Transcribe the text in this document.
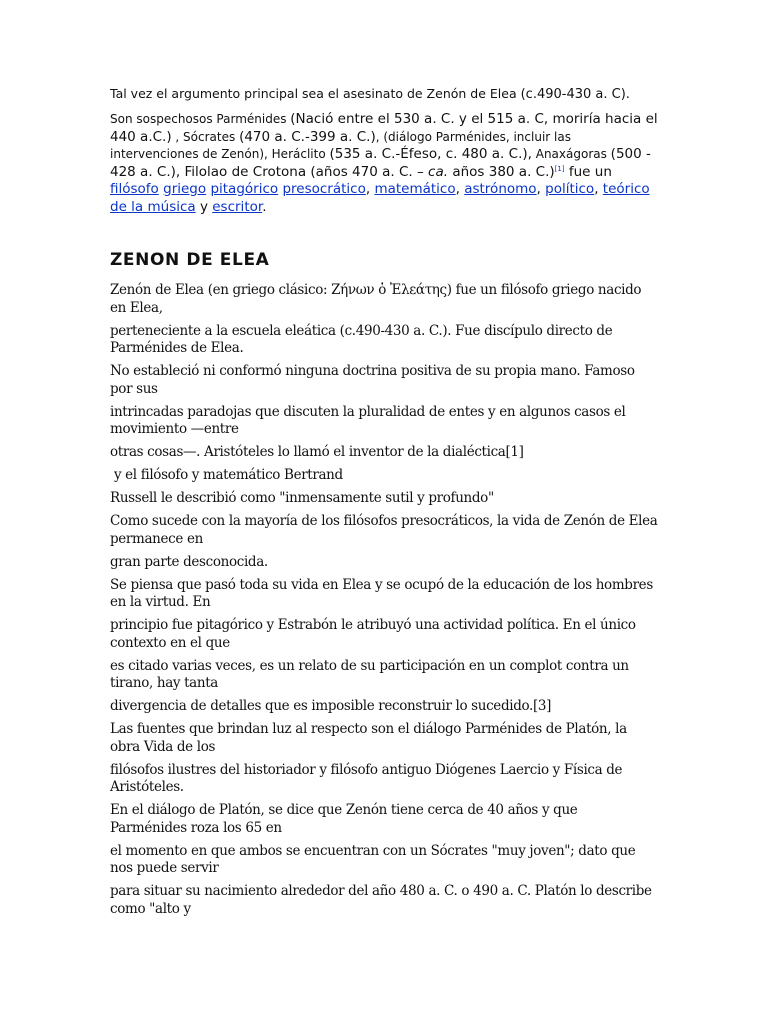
Tal vez el argumento principal sea el asesinato de Zenón de Elea (c.490-430 a. C).

Son sospechosos Parménides (Nació entre el 530 a. C. y el 515 a. C, moriría hacia el 440 a.C.) , Sócrates (470 a. C.-399 a. C.), (diálogo Parménides, incluir las intervenciones de Zenón), Heráclito (535 a. C.-Éfeso, c. 480 a. C.), Anaxágoras (500 - 428 a. C.), Filolao de Crotona (años 470 a. C. – ca. años 380 a. C.)[1] fue un filósofo griego pitagórico presocrático, matemático, astrónomo, político, teórico de la música y escritor.

ZENON DE ELEA

Zenón de Elea (en griego clásico: Ζήνων ὁ Ἐλεάτης) fue un filósofo griego nacido en Elea,

perteneciente a la escuela eleática (c.490-430 a. C.). Fue discípulo directo de Parménides de Elea.

No estableció ni conformó ninguna doctrina positiva de su propia mano. Famoso por sus

intrincadas paradojas que discuten la pluralidad de entes y en algunos casos el movimiento —entre

otras cosas—. Aristóteles lo llamó el inventor de la dialéctica[1]

y el filósofo y matemático Bertrand

Russell le describió como "inmensamente sutil y profundo"

Como sucede con la mayoría de los filósofos presocráticos, la vida de Zenón de Elea permanece en

gran parte desconocida.

Se piensa que pasó toda su vida en Elea y se ocupó de la educación de los hombres en la virtud. En

principio fue pitagórico y Estrabón le atribuyó una actividad política. En el único contexto en el que

es citado varias veces, es un relato de su participación en un complot contra un tirano, hay tanta

divergencia de detalles que es imposible reconstruir lo sucedido.[3]

Las fuentes que brindan luz al respecto son el diálogo Parménides de Platón, la obra Vida de los

filósofos ilustres del historiador y filósofo antiguo Diógenes Laercio y Física de Aristóteles.

En el diálogo de Platón, se dice que Zenón tiene cerca de 40 años y que Parménides roza los 65 en

el momento en que ambos se encuentran con un Sócrates "muy joven"; dato que nos puede servir

para situar su nacimiento alrededor del año 480 a. C. o 490 a. C. Platón lo describe como "alto y
